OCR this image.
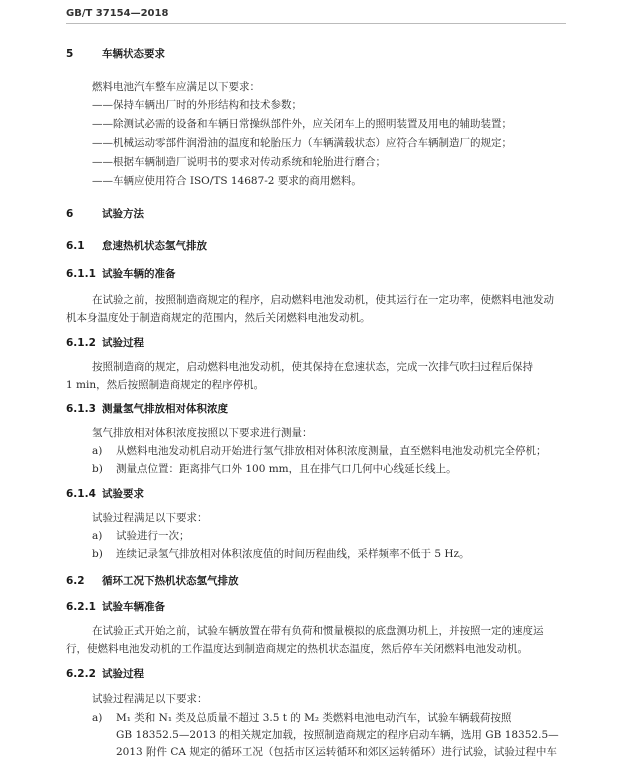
GB/T 37154—2018
5	车辆状态要求
燃料电池汽车整车应满足以下要求：
——保持车辆出厂时的外形结构和技术参数；
——除测试必需的设备和车辆日常操纵部件外，应关闭车上的照明装置及用电的辅助装置；
——机械运动零部件润滑油的温度和轮胎压力（车辆满载状态）应符合车辆制造厂的规定；
——根据车辆制造厂说明书的要求对传动系统和轮胎进行磨合；
——车辆应使用符合 ISO/TS 14687-2 要求的商用燃料。
6	试验方法
6.1 怠速热机状态氢气排放
6.1.1 试验车辆的准备
在试验之前，按照制造商规定的程序，启动燃料电池发动机，使其运行在一定功率，使燃料电池发动
机本身温度处于制造商规定的范围内，然后关闭燃料电池发动机。
6.1.2 试验过程
按照制造商的规定，启动燃料电池发动机，使其保持在怠速状态，完成一次排气吹扫过程后保持
1 min，然后按照制造商规定的程序停机。
6.1.3 测量氢气排放相对体积浓度
氢气排放相对体积浓度按照以下要求进行测量：
a) 从燃料电池发动机启动开始进行氢气排放相对体积浓度测量，直至燃料电池发动机完全停机；
b) 测量点位置：距离排气口外 100 mm，且在排气口几何中心线延长线上。
6.1.4 试验要求
试验过程满足以下要求：
a) 试验进行一次；
b) 连续记录氢气排放相对体积浓度值的时间历程曲线，采样频率不低于 5 Hz。
6.2 循环工况下热机状态氢气排放
6.2.1 试验车辆准备
在试验正式开始之前，试验车辆放置在带有负荷和惯量模拟的底盘测功机上，并按照一定的速度运
行，使燃料电池发动机的工作温度达到制造商规定的热机状态温度，然后停车关闭燃料电池发动机。
6.2.2 试验过程
试验过程满足以下要求：
a) M₁ 类和 N₁ 类及总质量不超过 3.5 t 的 M₂ 类燃料电池电动汽车，试验车辆载荷按照
GB 18352.5—2013 的相关规定加载，按照制造商规定的程序启动车辆，选用 GB 18352.5—
2013 附件 CA 规定的循环工况（包括市区运转循环和郊区运转循环）进行试验，试验过程中车
